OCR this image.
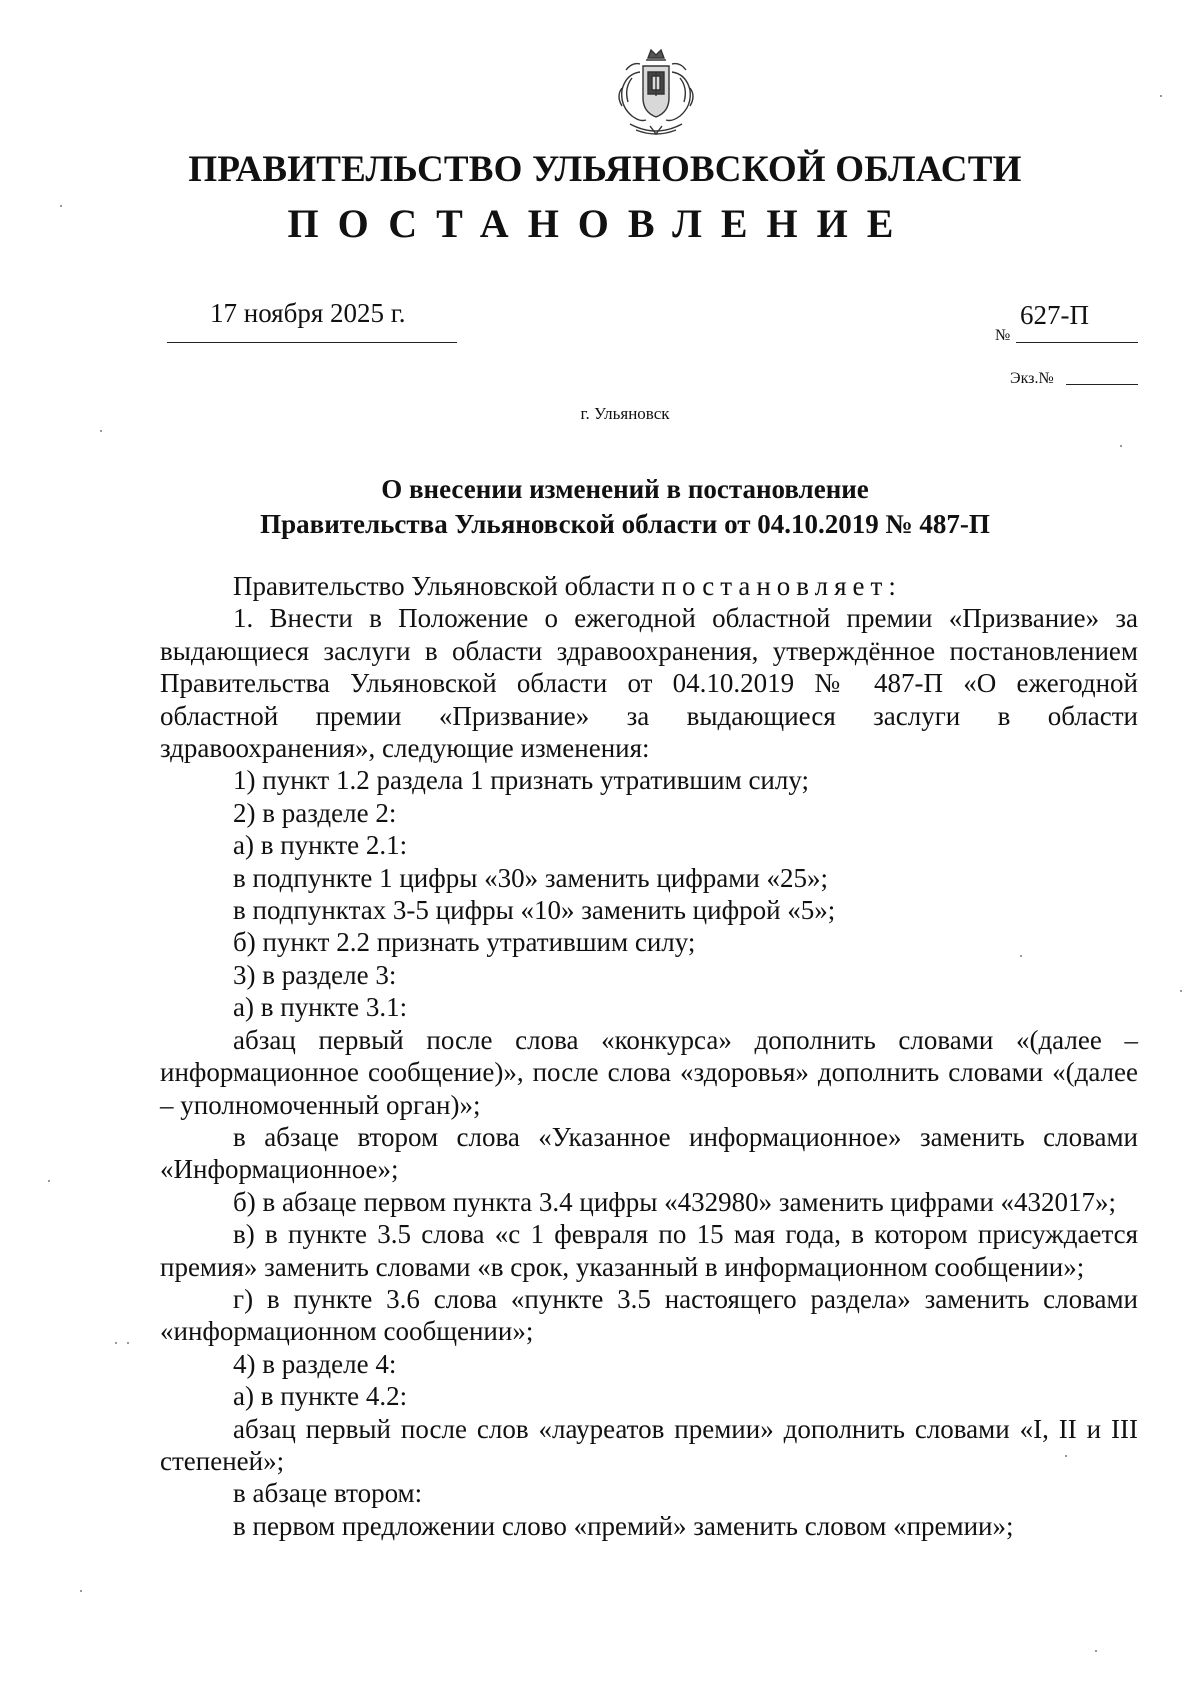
ПРАВИТЕЛЬСТВО УЛЬЯНОВСКОЙ ОБЛАСТИ
ПОСТАНОВЛЕНИЕ
17 ноября 2025 г.
№
627-П
Экз.№
г. Ульяновск
О внесении изменений в постановление
Правительства Ульяновской области от 04.10.2019 № 487-П

Правительство Ульяновской области постановляет:

1. Внести в Положение о ежегодной областной премии «Призвание» за выдающиеся заслуги в области здравоохранения, утверждённое постановлением Правительства Ульяновской области от 04.10.2019 № 487-П «О ежегодной областной премии «Призвание» за выдающиеся заслуги в области здравоохранения», следующие изменения:

1) пункт 1.2 раздела 1 признать утратившим силу;

2) в разделе 2:

а) в пункте 2.1:

в подпункте 1 цифры «30» заменить цифрами «25»;

в подпунктах 3-5 цифры «10» заменить цифрой «5»;

б) пункт 2.2 признать утратившим силу;

3) в разделе 3:

а) в пункте 3.1:

абзац первый после слова «конкурса» дополнить словами «(далее – информационное сообщение)», после слова «здоровья» дополнить словами «(далее – уполномоченный орган)»;

в абзаце втором слова «Указанное информационное» заменить словами «Информационное»;

б) в абзаце первом пункта 3.4 цифры «432980» заменить цифрами «432017»;

в) в пункте 3.5 слова «с 1 февраля по 15 мая года, в котором присуждается премия» заменить словами «в срок, указанный в информационном сообщении»;

г) в пункте 3.6 слова «пункте 3.5 настоящего раздела» заменить словами «информационном сообщении»;

4) в разделе 4:

а) в пункте 4.2:

абзац первый после слов «лауреатов премии» дополнить словами «I, II и III степеней»;

в абзаце втором:

в первом предложении слово «премий» заменить словом «премии»;
